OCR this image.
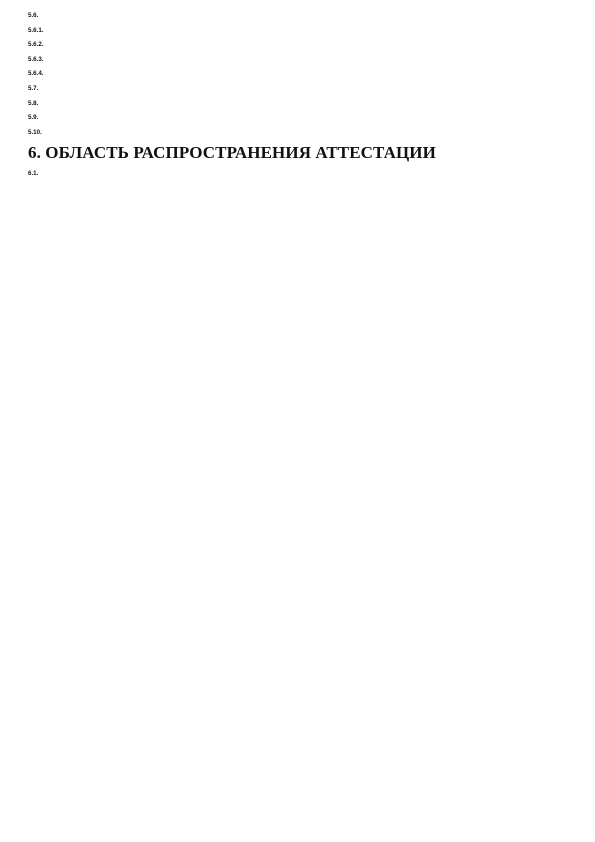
5.6.

5.6.1.

5.6.2.

5.6.3.

5.6.4.

5.7.

5.8.

5.9.

5.10.

6. ОБЛАСТЬ РАСПРОСТРАНЕНИЯ АТТЕСТАЦИИ

6.1.
